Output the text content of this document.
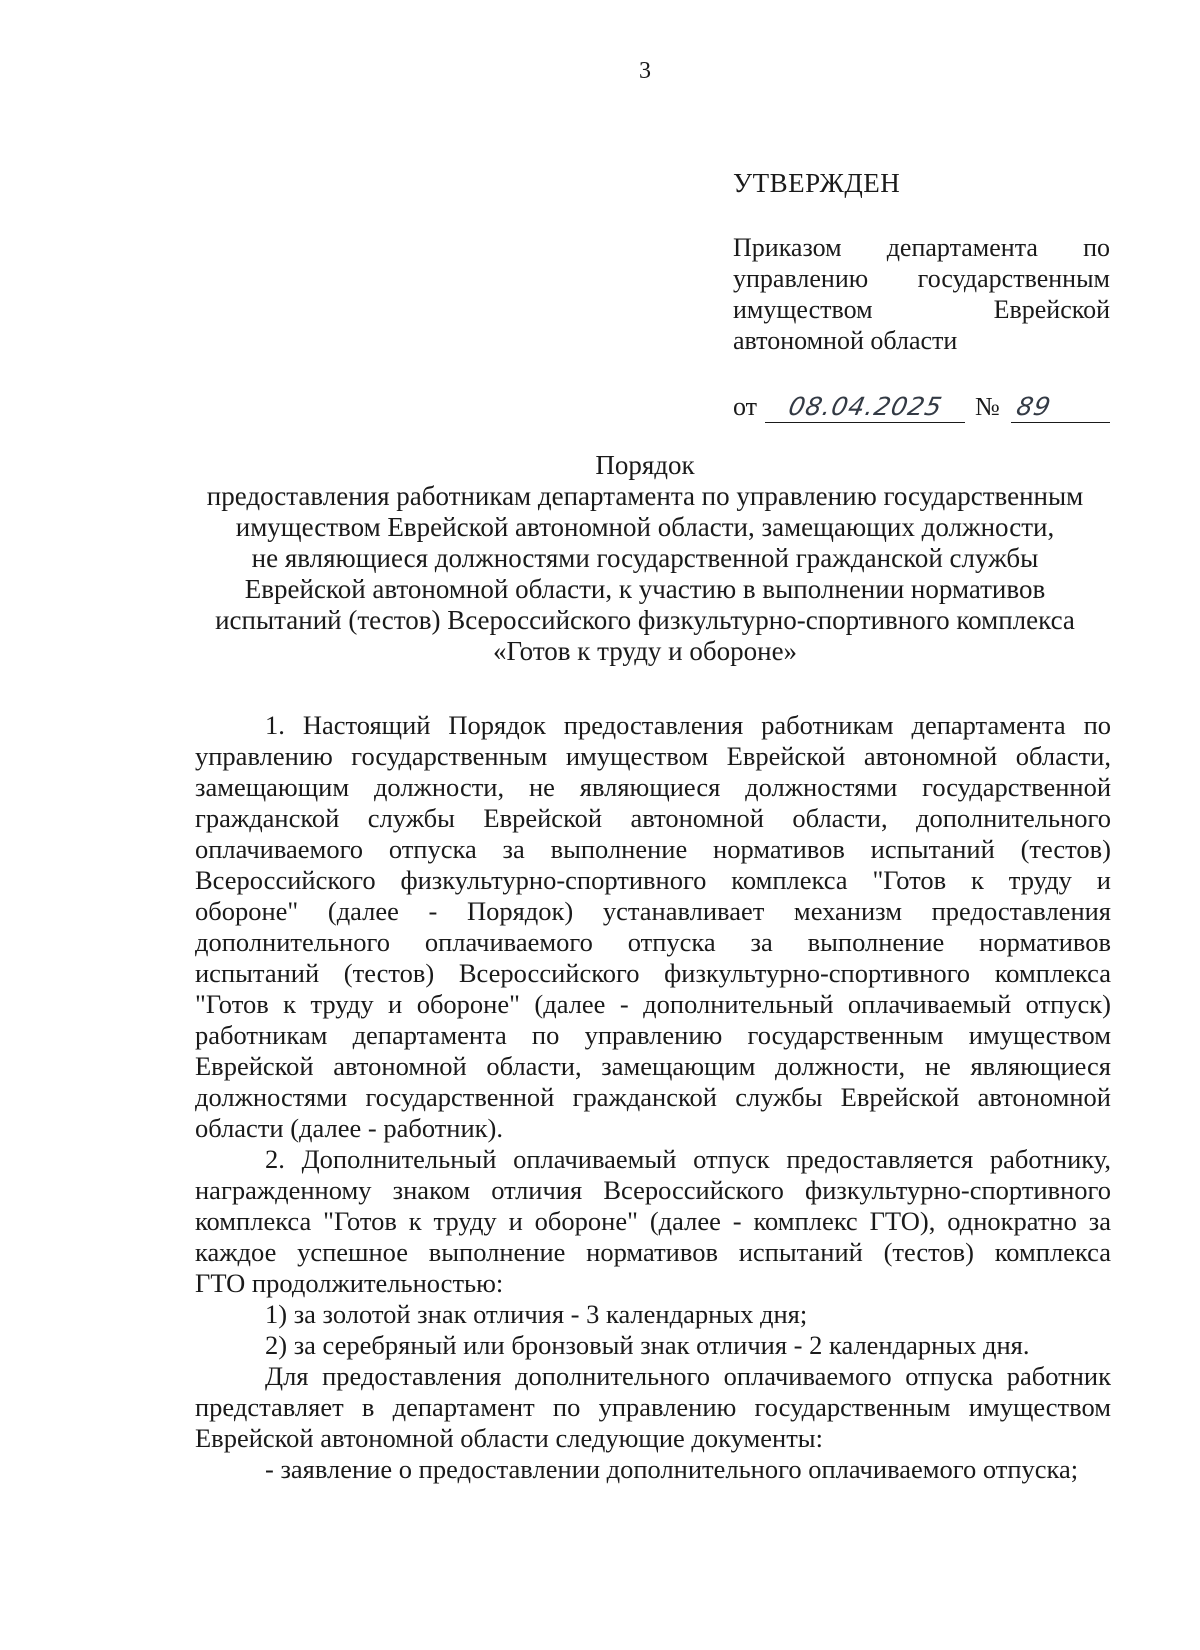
3
УТВЕРЖДЕН
Приказом департамента по
управлению государственным
имуществом Еврейской
автономной области
от 08.04.2025 № 89
Порядок
предоставления работникам департамента по управлению государственным
имуществом Еврейской автономной области, замещающих должности,
не являющиеся должностями государственной гражданской службы
Еврейской автономной области, к участию в выполнении нормативов
испытаний (тестов) Всероссийского физкультурно-спортивного комплекса
«Готов к труду и обороне»
1. Настоящий Порядок предоставления работникам департамента по
управлению государственным имуществом Еврейской автономной области,
замещающим должности, не являющиеся должностями государственной
гражданской службы Еврейской автономной области, дополнительного
оплачиваемого отпуска за выполнение нормативов испытаний (тестов)
Всероссийского физкультурно-спортивного комплекса "Готов к труду и
обороне" (далее - Порядок) устанавливает механизм предоставления
дополнительного оплачиваемого отпуска за выполнение нормативов
испытаний (тестов) Всероссийского физкультурно-спортивного комплекса
"Готов к труду и обороне" (далее - дополнительный оплачиваемый отпуск)
работникам департамента по управлению государственным имуществом
Еврейской автономной области, замещающим должности, не являющиеся
должностями государственной гражданской службы Еврейской автономной
области (далее - работник).
2. Дополнительный оплачиваемый отпуск предоставляется работнику,
награжденному знаком отличия Всероссийского физкультурно-спортивного
комплекса "Готов к труду и обороне" (далее - комплекс ГТО), однократно за
каждое успешное выполнение нормативов испытаний (тестов) комплекса
ГТО продолжительностью:
1) за золотой знак отличия - 3 календарных дня;
2) за серебряный или бронзовый знак отличия - 2 календарных дня.
Для предоставления дополнительного оплачиваемого отпуска работник
представляет в департамент по управлению государственным имуществом
Еврейской автономной области следующие документы:
- заявление о предоставлении дополнительного оплачиваемого отпуска;
